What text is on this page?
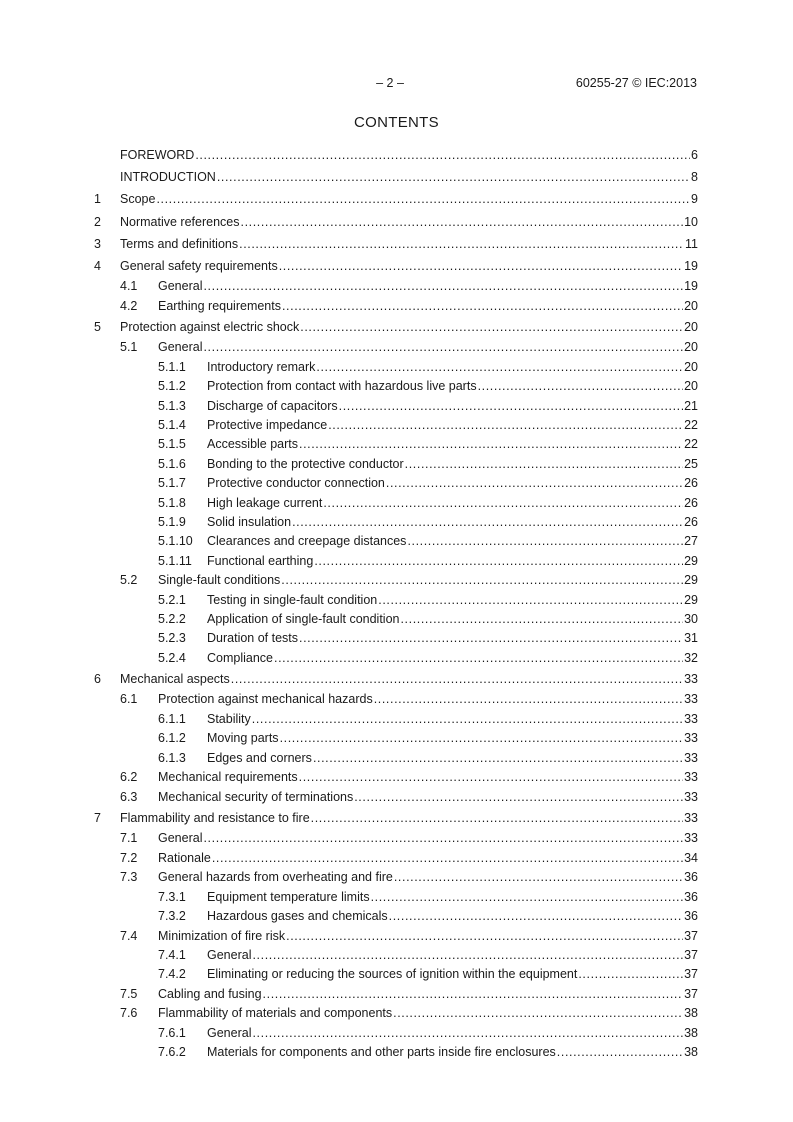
– 2 –	60255-27 © IEC:2013
CONTENTS
FOREWORD .....	6
INTRODUCTION .....	8
1	Scope .....	9
2	Normative references .....	10
3	Terms and definitions .....	11
4	General safety requirements .....	19
4.1	General .....	19
4.2	Earthing requirements .....	20
5	Protection against electric shock .....	20
5.1	General .....	20
5.1.1	Introductory remark .....	20
5.1.2	Protection from contact with hazardous live parts .....	20
5.1.3	Discharge of capacitors .....	21
5.1.4	Protective impedance .....	22
5.1.5	Accessible parts .....	22
5.1.6	Bonding to the protective conductor .....	25
5.1.7	Protective conductor connection .....	26
5.1.8	High leakage current .....	26
5.1.9	Solid insulation .....	26
5.1.10	Clearances and creepage distances .....	27
5.1.11	Functional earthing .....	29
5.2	Single-fault conditions .....	29
5.2.1	Testing in single-fault condition .....	29
5.2.2	Application of single-fault condition .....	30
5.2.3	Duration of tests .....	31
5.2.4	Compliance .....	32
6	Mechanical aspects .....	33
6.1	Protection against mechanical hazards .....	33
6.1.1	Stability .....	33
6.1.2	Moving parts .....	33
6.1.3	Edges and corners .....	33
6.2	Mechanical requirements .....	33
6.3	Mechanical security of terminations .....	33
7	Flammability and resistance to fire .....	33
7.1	General .....	33
7.2	Rationale .....	34
7.3	General hazards from overheating and fire .....	36
7.3.1	Equipment temperature limits .....	36
7.3.2	Hazardous gases and chemicals .....	36
7.4	Minimization of fire risk .....	37
7.4.1	General .....	37
7.4.2	Eliminating or reducing the sources of ignition within the equipment .....	37
7.5	Cabling and fusing .....	37
7.6	Flammability of materials and components .....	38
7.6.1	General .....	38
7.6.2	Materials for components and other parts inside fire enclosures .....	38
